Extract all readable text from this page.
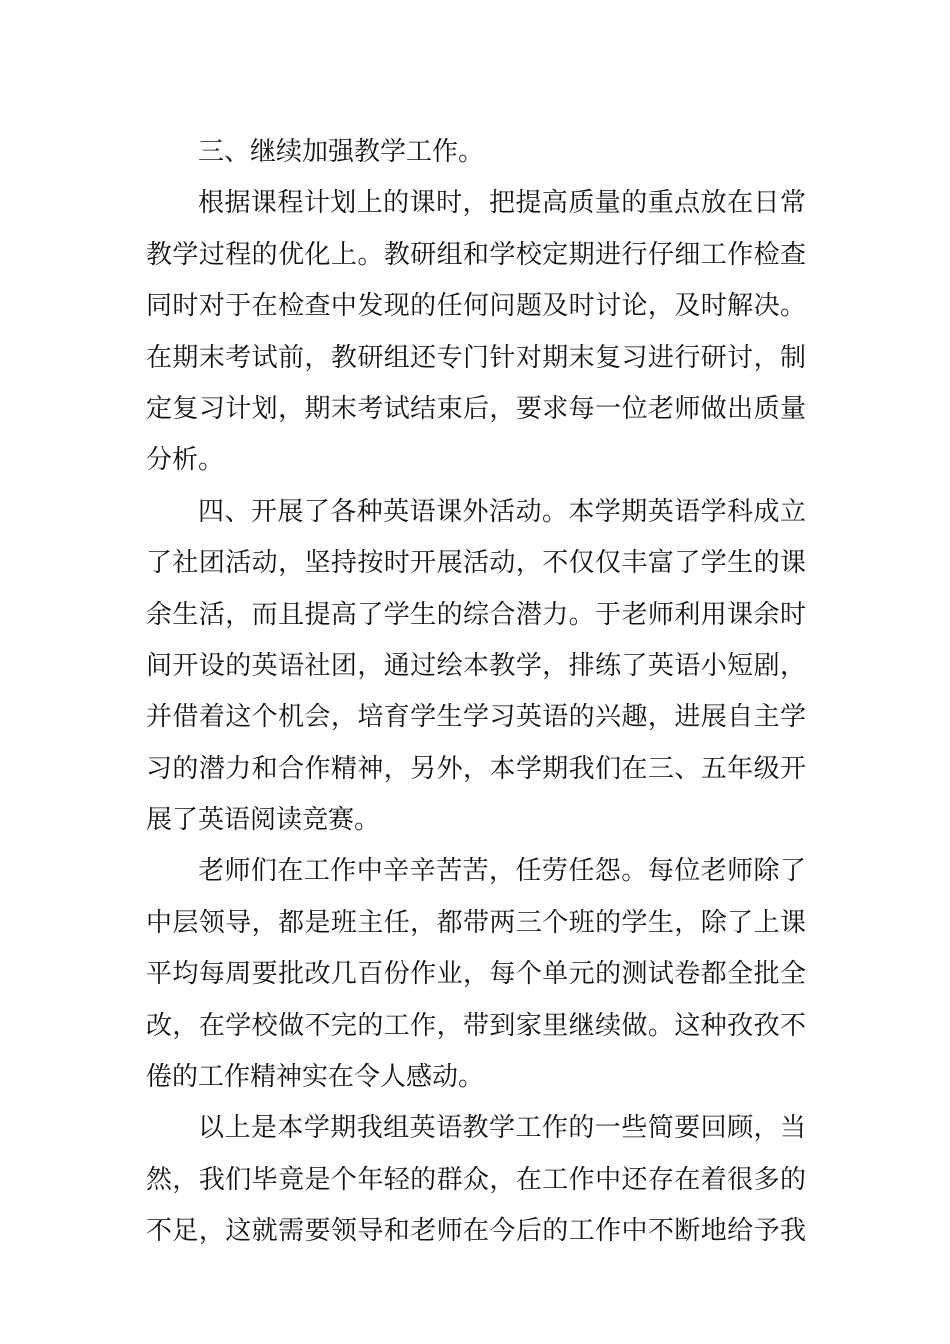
三、继续加强教学工作。
根据课程计划上的课时，把提高质量的重点放在日常
教学过程的优化上。教研组和学校定期进行仔细工作检查
同时对于在检查中发现的任何问题及时讨论，及时解决。
在期末考试前，教研组还专门针对期末复习进行研讨，制
定复习计划，期末考试结束后，要求每一位老师做出质量
分析。
四、开展了各种英语课外活动。本学期英语学科成立
了社团活动，坚持按时开展活动，不仅仅丰富了学生的课
余生活，而且提高了学生的综合潜力。于老师利用课余时
间开设的英语社团，通过绘本教学，排练了英语小短剧，
并借着这个机会，培育学生学习英语的兴趣，进展自主学
习的潜力和合作精神，另外，本学期我们在三、五年级开
展了英语阅读竞赛。
老师们在工作中辛辛苦苦，任劳任怨。每位老师除了
中层领导，都是班主任，都带两三个班的学生，除了上课
平均每周要批改几百份作业，每个单元的测试卷都全批全
改，在学校做不完的工作，带到家里继续做。这种孜孜不
倦的工作精神实在令人感动。
以上是本学期我组英语教学工作的一些简要回顾，当
然，我们毕竟是个年轻的群众，在工作中还存在着很多的
不足，这就需要领导和老师在今后的工作中不断地给予我
